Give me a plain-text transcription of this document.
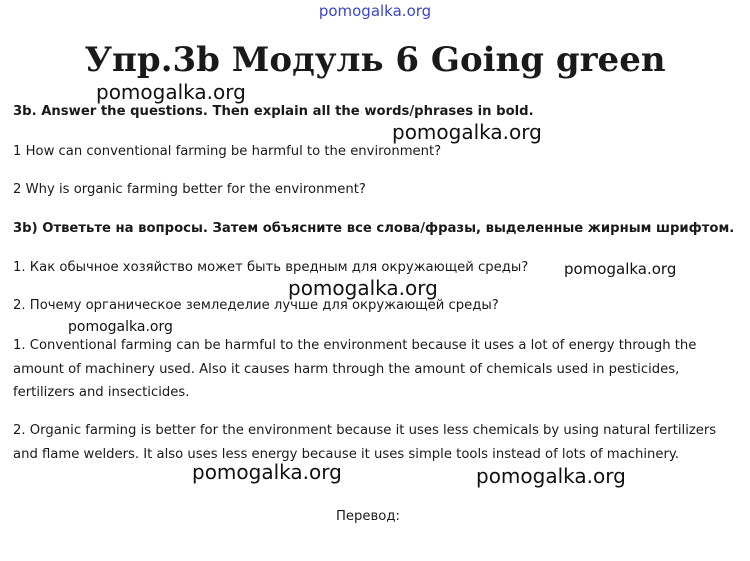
pomogalka.org
Упр.3b Модуль 6 Going green
pomogalka.org
3b. Answer the questions. Then explain all the words/phrases in bold.
pomogalka.org
1 How can conventional farming be harmful to the environment?
2 Why is organic farming better for the environment?
3b) Ответьте на вопросы. Затем объясните все слова/фразы, выделенные жирным шрифтом.
1. Как обычное хозяйство может быть вредным для окружающей среды? pomogalka.org
pomogalka.org
2. Почему органическое земледелие лучше для окружающей среды?
pomogalka.org
1. Conventional farming can be harmful to the environment because it uses a lot of energy through the amount of machinery used. Also it causes harm through the amount of chemicals used in pesticides, fertilizers and insecticides.
2. Organic farming is better for the environment because it uses less chemicals by using natural fertilizers and flame welders. It also uses less energy because it uses simple tools instead of lots of machinery.
pomogalka.org	pomogalka.org
Перевод:
